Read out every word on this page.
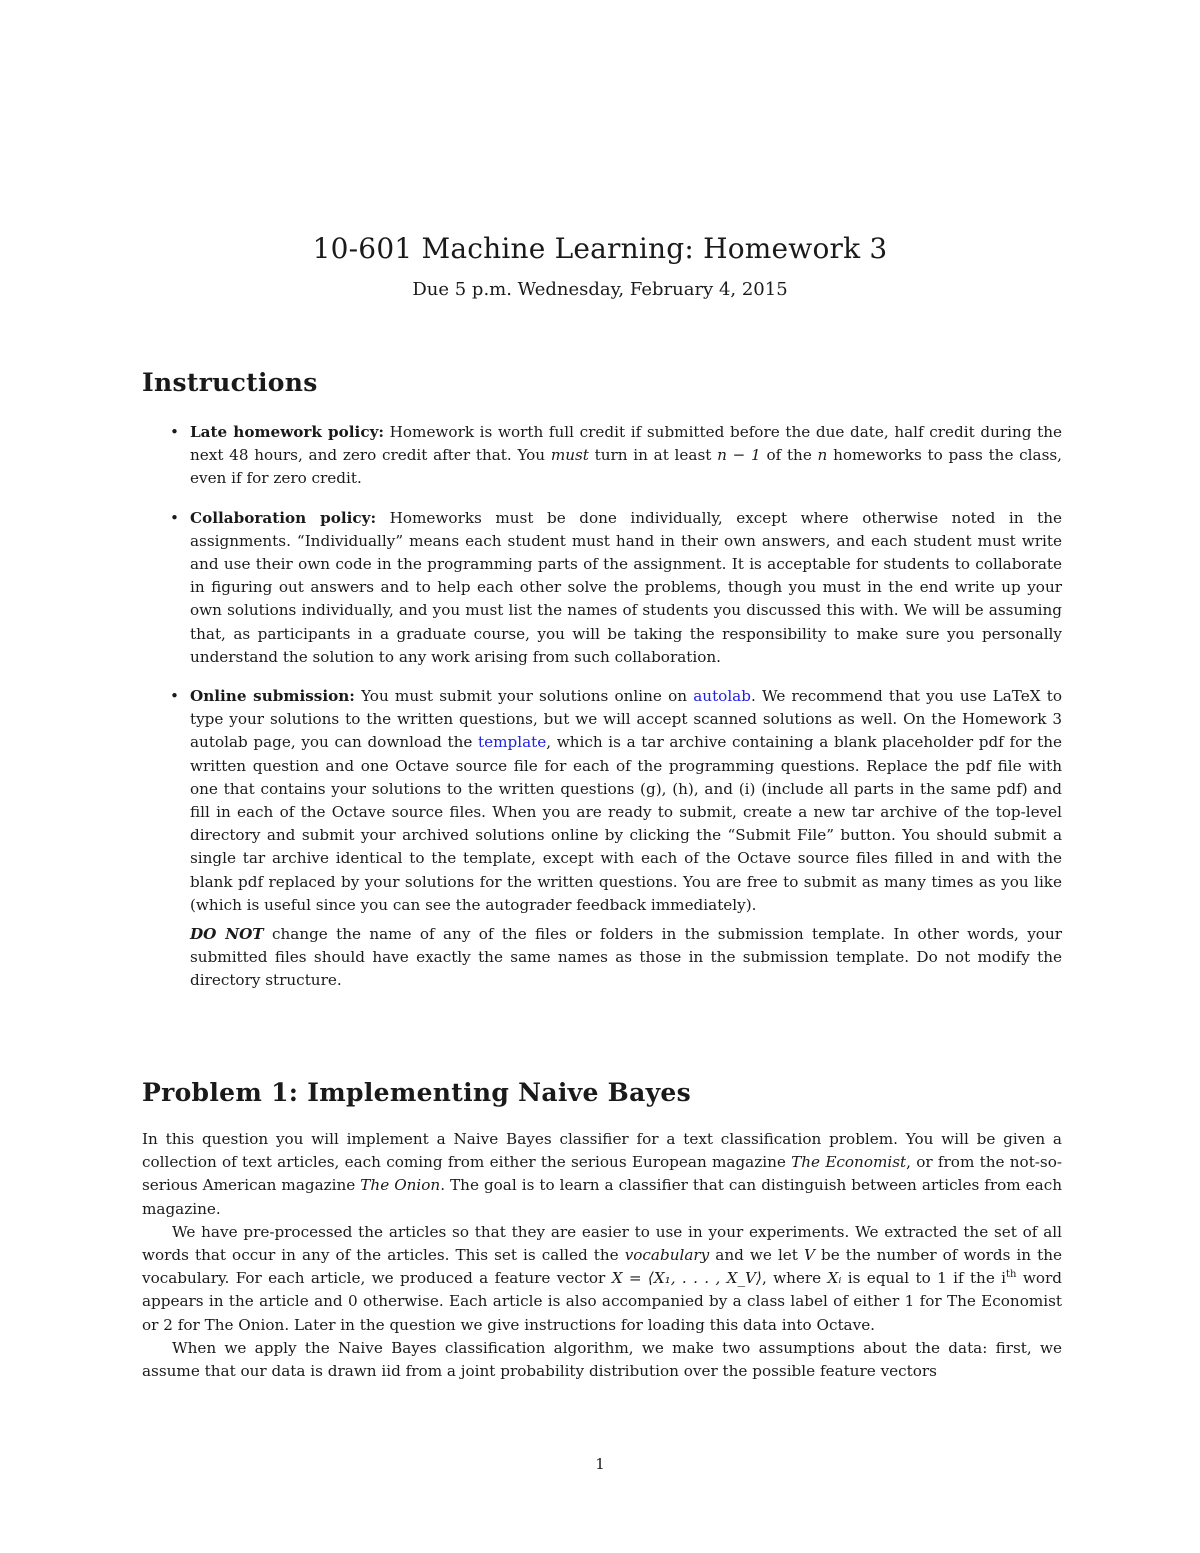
10-601 Machine Learning: Homework 3
Due 5 p.m. Wednesday, February 4, 2015
Instructions
• Late homework policy: Homework is worth full credit if submitted before the due date, half credit during the next 48 hours, and zero credit after that. You must turn in at least n − 1 of the n homeworks to pass the class, even if for zero credit.
• Collaboration policy: Homeworks must be done individually, except where otherwise noted in the assignments. “Individually” means each student must hand in their own answers, and each student must write and use their own code in the programming parts of the assignment. It is acceptable for students to collaborate in figuring out answers and to help each other solve the problems, though you must in the end write up your own solutions individually, and you must list the names of students you discussed this with. We will be assuming that, as participants in a graduate course, you will be taking the responsibility to make sure you personally understand the solution to any work arising from such collaboration.
• Online submission: You must submit your solutions online on autolab. We recommend that you use LaTeX to type your solutions to the written questions, but we will accept scanned solutions as well. On the Homework 3 autolab page, you can download the template, which is a tar archive containing a blank placeholder pdf for the written question and one Octave source file for each of the programming questions. Replace the pdf file with one that contains your solutions to the written questions (g), (h), and (i) (include all parts in the same pdf) and fill in each of the Octave source files. When you are ready to submit, create a new tar archive of the top-level directory and submit your archived solutions online by clicking the “Submit File” button. You should submit a single tar archive identical to the template, except with each of the Octave source files filled in and with the blank pdf replaced by your solutions for the written questions. You are free to submit as many times as you like (which is useful since you can see the autograder feedback immediately).
DO NOT change the name of any of the files or folders in the submission template. In other words, your submitted files should have exactly the same names as those in the submission template. Do not modify the directory structure.
Problem 1: Implementing Naive Bayes

In this question you will implement a Naive Bayes classifier for a text classification problem. You will be given a collection of text articles, each coming from either the serious European magazine The Economist, or from the not-so-serious American magazine The Onion. The goal is to learn a classifier that can distinguish between articles from each magazine.

We have pre-processed the articles so that they are easier to use in your experiments. We extracted the set of all words that occur in any of the articles. This set is called the vocabulary and we let V be the number of words in the vocabulary. For each article, we produced a feature vector X = ⟨X₁, . . . , X_V⟩, where Xᵢ is equal to 1 if the $i^{th}$ word appears in the article and 0 otherwise. Each article is also accompanied by a class label of either 1 for The Economist or 2 for The Onion. Later in the question we give instructions for loading this data into Octave.

When we apply the Naive Bayes classification algorithm, we make two assumptions about the data: first, we assume that our data is drawn iid from a joint probability distribution over the possible feature vectors

1
